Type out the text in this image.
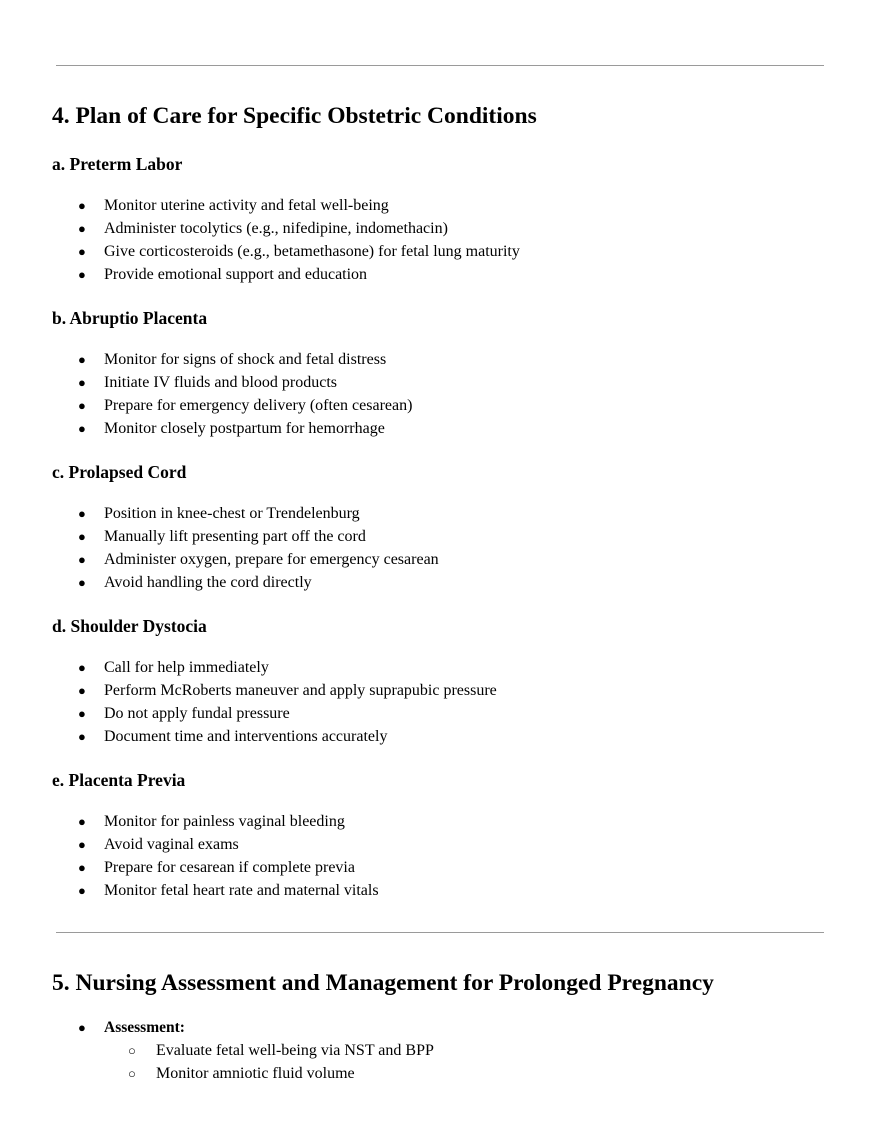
4. Plan of Care for Specific Obstetric Conditions
a. Preterm Labor
● Monitor uterine activity and fetal well-being
● Administer tocolytics (e.g., nifedipine, indomethacin)
● Give corticosteroids (e.g., betamethasone) for fetal lung maturity
● Provide emotional support and education
b. Abruptio Placenta
● Monitor for signs of shock and fetal distress
● Initiate IV fluids and blood products
● Prepare for emergency delivery (often cesarean)
● Monitor closely postpartum for hemorrhage
c. Prolapsed Cord
● Position in knee-chest or Trendelenburg
● Manually lift presenting part off the cord
● Administer oxygen, prepare for emergency cesarean
● Avoid handling the cord directly
d. Shoulder Dystocia
● Call for help immediately
● Perform McRoberts maneuver and apply suprapubic pressure
● Do not apply fundal pressure
● Document time and interventions accurately
e. Placenta Previa
● Monitor for painless vaginal bleeding
● Avoid vaginal exams
● Prepare for cesarean if complete previa
● Monitor fetal heart rate and maternal vitals
5. Nursing Assessment and Management for Prolonged Pregnancy
● Assessment:
○ Evaluate fetal well-being via NST and BPP
○ Monitor amniotic fluid volume
